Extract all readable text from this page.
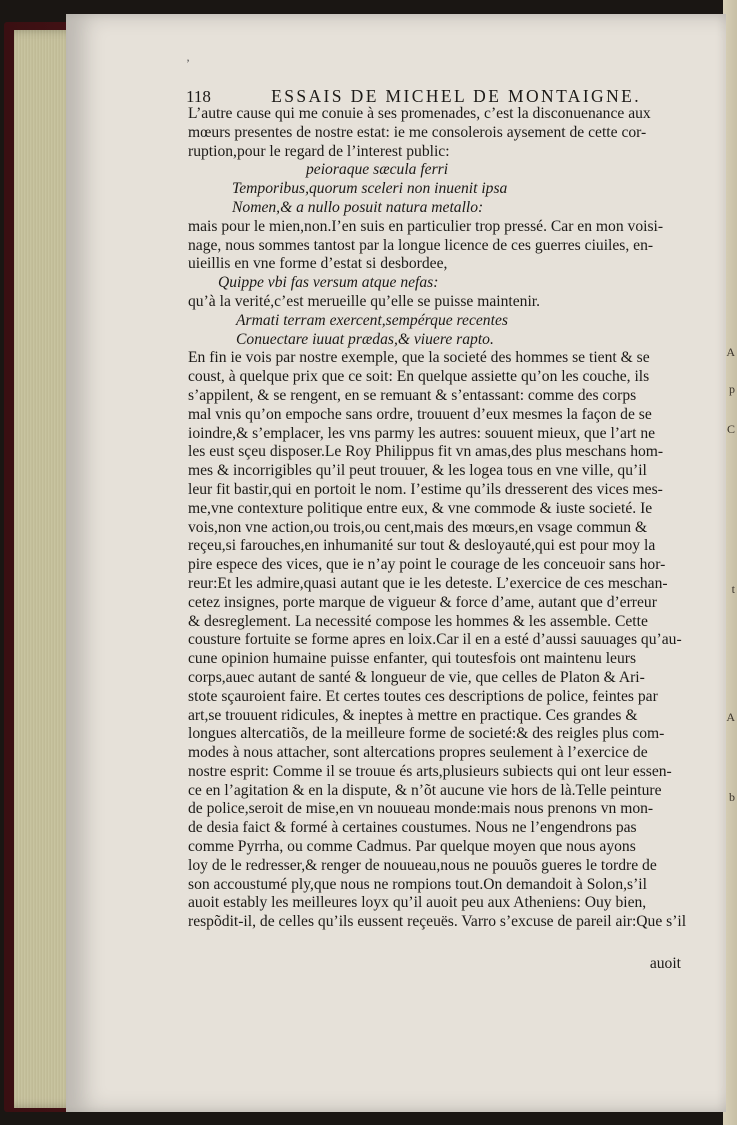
A
p
C
t
A
b
’
118	ESSAIS DE MICHEL DE MONTAIGNE.
L’autre cause qui me conuie à ses promenades, c’est la disconuenance aux
mœurs presentes de nostre estat: ie me consolerois aysement de cette cor-
ruption,pour le regard de l’interest public:
peioraque sæcula ferri
Temporibus,quorum sceleri non inuenit ipsa
Nomen,& a nullo posuit natura metallo:
mais pour le mien,non.I’en suis en particulier trop pressé. Car en mon voisi-
nage, nous sommes tantost par la longue licence de ces guerres ciuiles, en-
uieillis en vne forme d’estat si desbordee,
Quippe vbi fas versum atque nefas:
qu’à la verité,c’est merueille qu’elle se puisse maintenir.
Armati terram exercent,sempérque recentes
Conuectare iuuat prædas,& viuere rapto.
En fin ie vois par nostre exemple, que la societé des hommes se tient & se
coust, à quelque prix que ce soit: En quelque assiette qu’on les couche, ils
s’appilent, & se rengent, en se remuant & s’entassant: comme des corps
mal vnis qu’on empoche sans ordre, trouuent d’eux mesmes la façon de se
ioindre,& s’emplacer, les vns parmy les autres: souuent mieux, que l’art ne
les eust sçeu disposer.Le Roy Philippus fit vn amas,des plus meschans hom-
mes & incorrigibles qu’il peut trouuer, & les logea tous en vne ville, qu’il
leur fit bastir,qui en portoit le nom. I’estime qu’ils dresserent des vices mes-
me,vne contexture politique entre eux, & vne commode & iuste societé. Ie
vois,non vne action,ou trois,ou cent,mais des mœurs,en vsage commun &
reçeu,si farouches,en inhumanité sur tout & desloyauté,qui est pour moy la
pire espece des vices, que ie n’ay point le courage de les conceuoir sans hor-
reur:Et les admire,quasi autant que ie les deteste. L’exercice de ces meschan-
cetez insignes, porte marque de vigueur & force d’ame, autant que d’erreur
& desreglement. La necessité compose les hommes & les assemble. Cette
cousture fortuite se forme apres en loix.Car il en a esté d’aussi sauuages qu’au-
cune opinion humaine puisse enfanter, qui toutesfois ont maintenu leurs
corps,auec autant de santé & longueur de vie, que celles de Platon & Ari-
stote sçauroient faire. Et certes toutes ces descriptions de police, feintes par
art,se trouuent ridicules, & ineptes à mettre en practique. Ces grandes &
longues altercatiõs, de la meilleure forme de societé:& des reigles plus com-
modes à nous attacher, sont altercations propres seulement à l’exercice de
nostre esprit: Comme il se trouue és arts,plusieurs subiects qui ont leur essen-
ce en l’agitation & en la dispute, & n’õt aucune vie hors de là.Telle peinture
de police,seroit de mise,en vn nouueau monde:mais nous prenons vn mon-
de desia faict & formé à certaines coustumes. Nous ne l’engendrons pas
comme Pyrrha, ou comme Cadmus. Par quelque moyen que nous ayons
loy de le redresser,& renger de nouueau,nous ne pouuõs gueres le tordre de
son accoustumé ply,que nous ne rompions tout.On demandoit à Solon,s’il
auoit estably les meilleures loyx qu’il auoit peu aux Atheniens: Ouy bien,
respõdit-il, de celles qu’ils eussent reçeuës. Varro s’excuse de pareil air:Que s’il
auoit
